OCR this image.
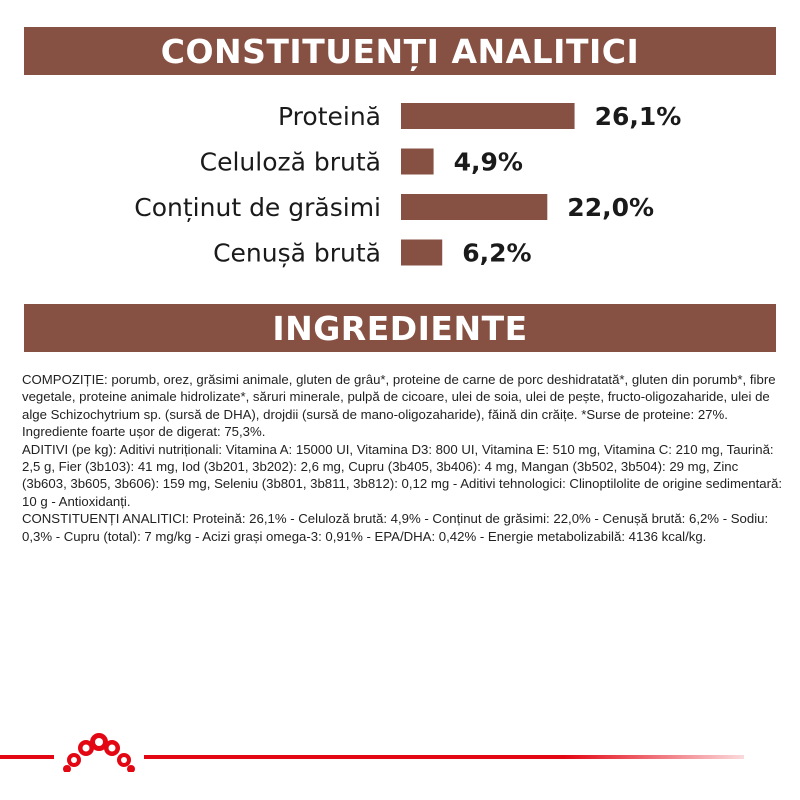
CONSTITUENȚI ANALITICI
Proteină	26,1%
Celuloză brută	4,9%
Conținut de grăsimi	22,0%
Cenușă brută	6,2%
INGREDIENTE

COMPOZIȚIE: porumb, orez, grăsimi animale, gluten de grâu*, proteine de carne de porc deshidratată*, gluten din porumb*, fibre vegetale, proteine animale hidrolizate*, săruri minerale, pulpă de cicoare, ulei de soia, ulei de pește, fructo-oligozaharide, ulei de alge Schizochytrium sp. (sursă de DHA), drojdii (sursă de mano-oligozaharide), făină din crăițe. *Surse de proteine: 27%. Ingrediente foarte ușor de digerat: 75,3%.

ADITIVI (pe kg): Aditivi nutriționali: Vitamina A: 15000 UI, Vitamina D3: 800 UI, Vitamina E: 510 mg, Vitamina C: 210 mg, Taurină: 2,5 g, Fier (3b103): 41 mg, Iod (3b201, 3b202): 2,6 mg, Cupru (3b405, 3b406): 4 mg, Mangan (3b502, 3b504): 29 mg, Zinc (3b603, 3b605, 3b606): 159 mg, Seleniu (3b801, 3b811, 3b812): 0,12 mg - Aditivi tehnologici: Clinoptilolite de origine sedimentară: 10 g - Antioxidanți.

CONSTITUENȚI ANALITICI: Proteină: 26,1% - Celuloză brută: 4,9% - Conținut de grăsimi: 22,0% - Cenușă brută: 6,2% - Sodiu: 0,3% - Cupru (total): 7 mg/kg - Acizi grași omega-3: 0,91% - EPA/DHA: 0,42% - Energie metabolizabilă: 4136 kcal/kg.
